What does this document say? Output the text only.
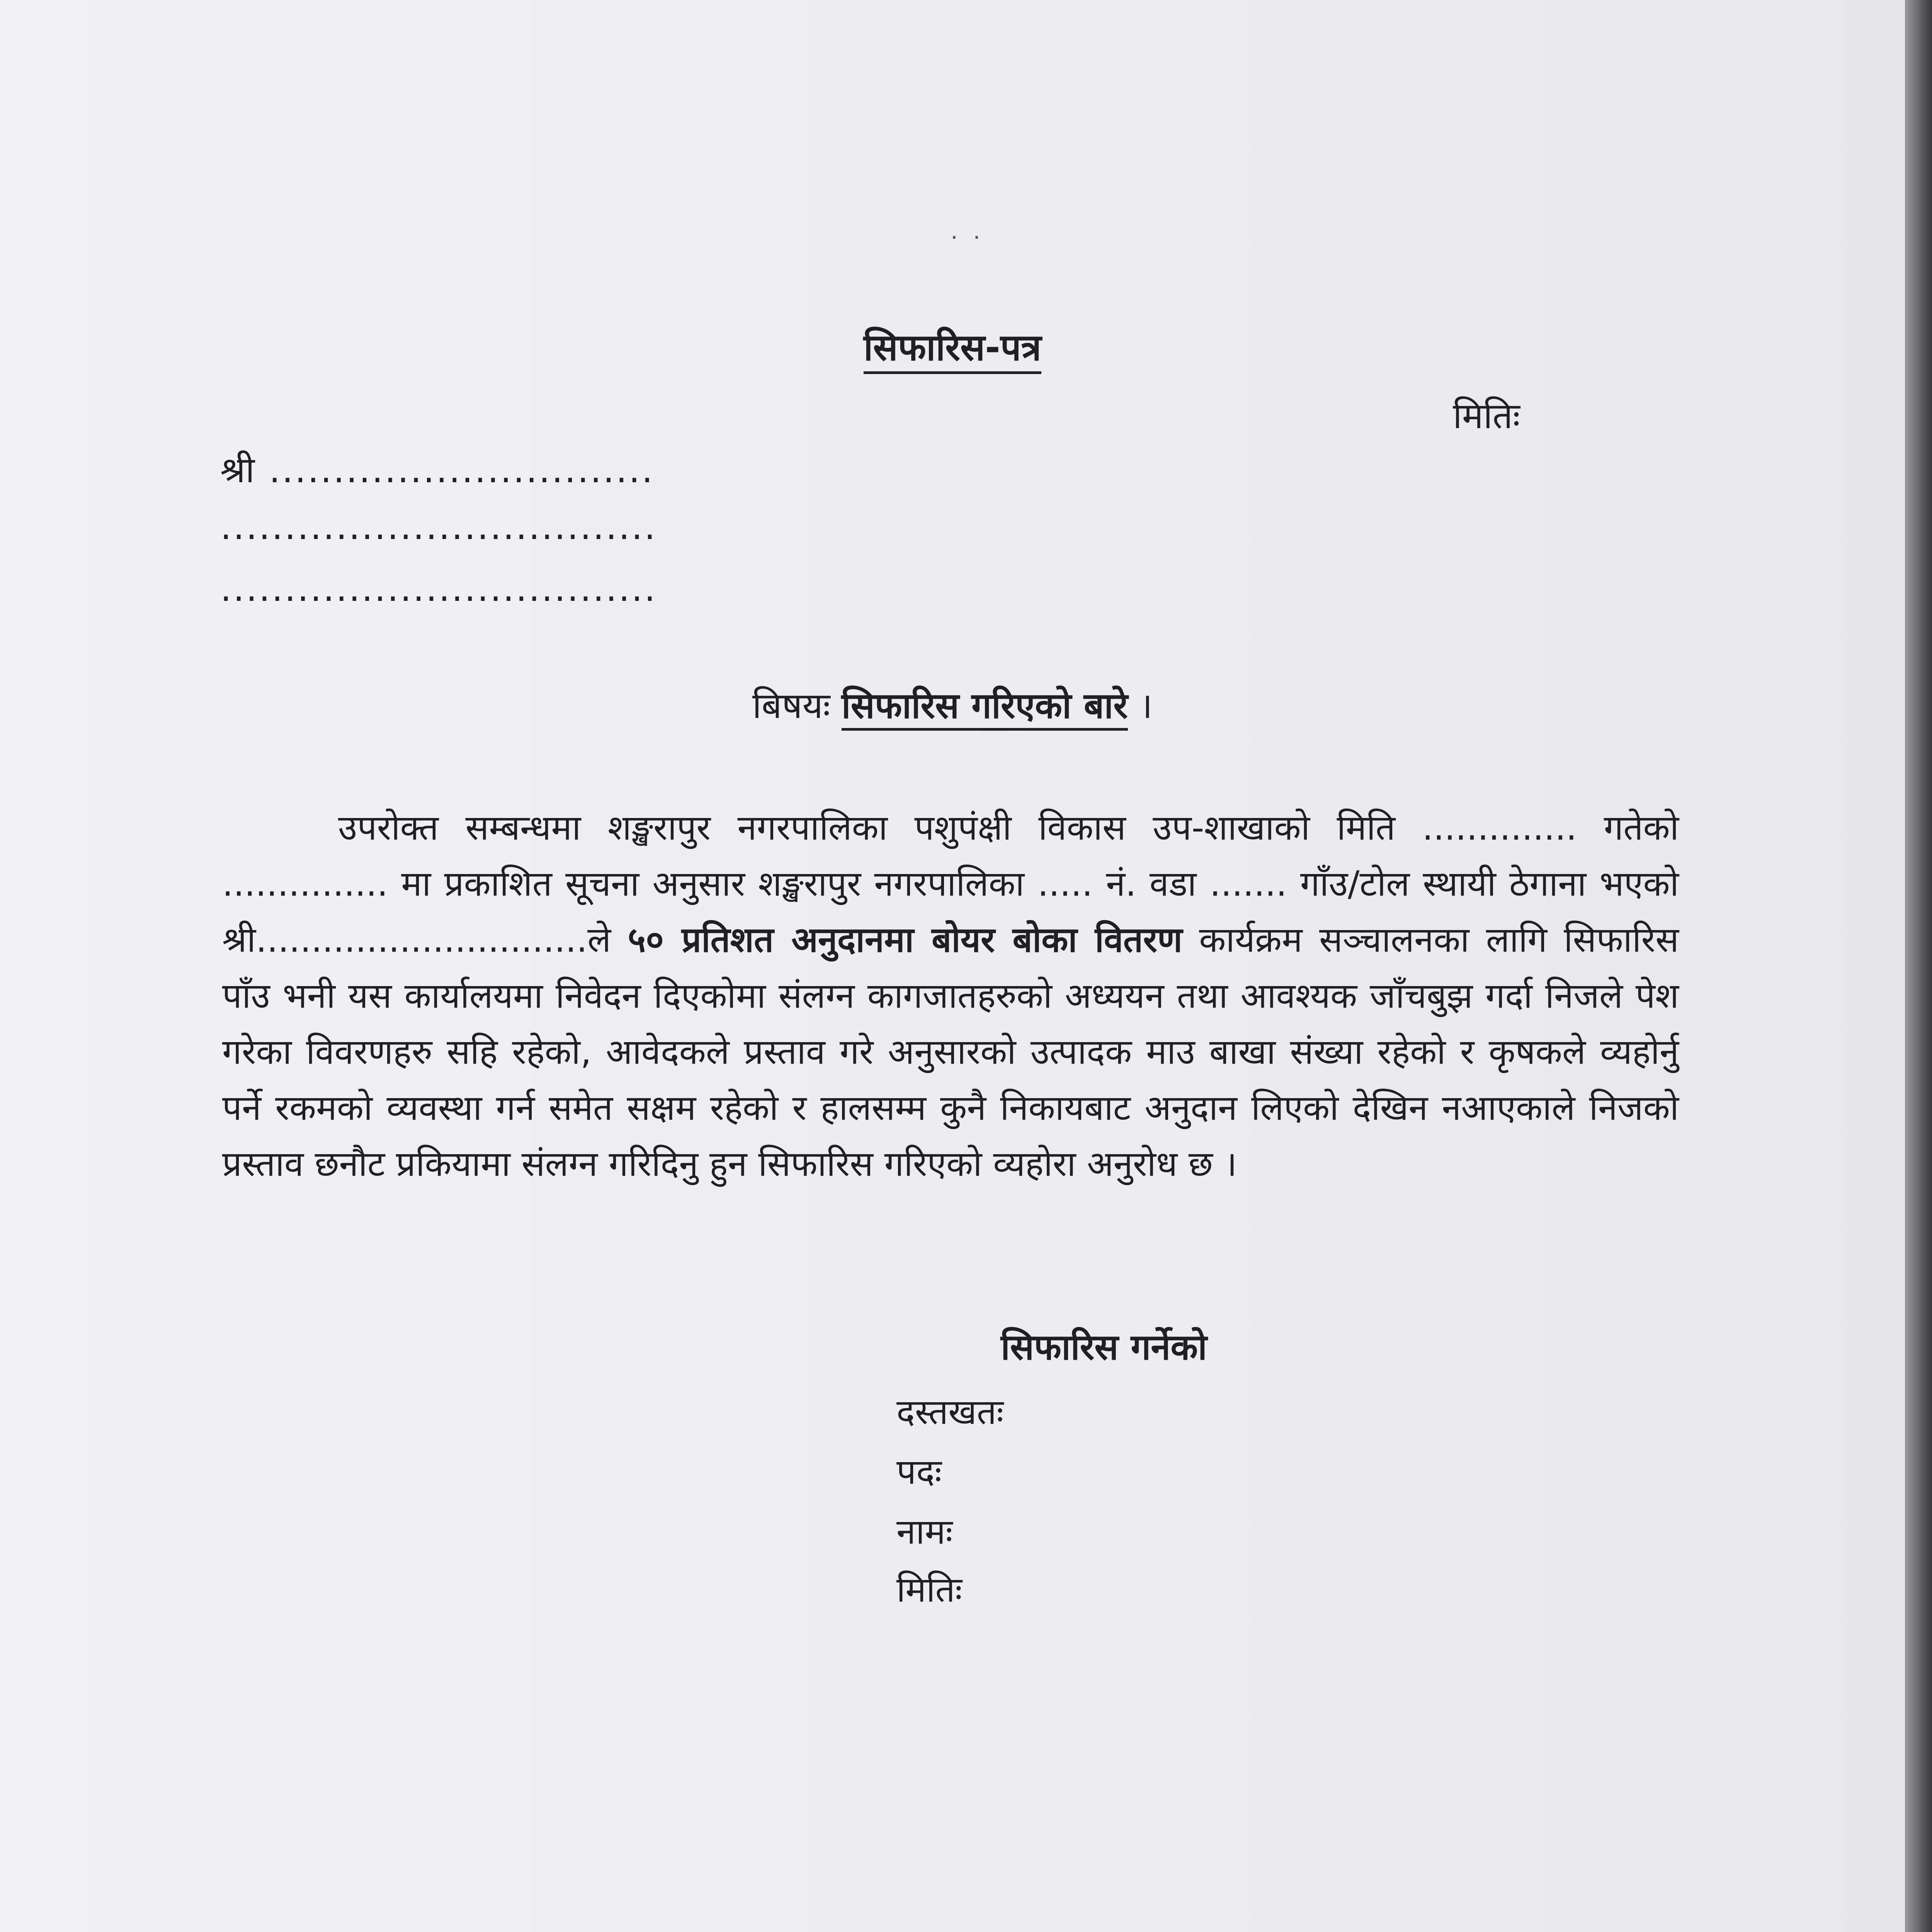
· ·
सिफारिस-पत्र
मितिः
श्री ..............................
..................................
..................................
बिषयः सिफारिस गरिएको बारे ।
उपरोक्त सम्बन्धमा शङ्खरापुर नगरपालिका पशुपंक्षी विकास उप-शाखाको मिति .............. गतेको ............... मा प्रकाशित सूचना अनुसार शङ्खरापुर नगरपालिका ..... नं. वडा ....... गाँउ/टोल स्थायी ठेगाना भएको श्री..............................ले ५० प्रतिशत अनुदानमा बोयर बोका वितरण कार्यक्रम सञ्चालनका लागि सिफारिस पाँउ भनी यस कार्यालयमा निवेदन दिएकोमा संलग्न कागजातहरुको अध्ययन तथा आवश्यक जाँचबुझ गर्दा निजले पेश गरेका विवरणहरु सहि रहेको, आवेदकले प्रस्ताव गरे अनुसारको उत्पादक माउ बाखा संख्या रहेको र कृषकले व्यहोर्नु पर्ने रकमको व्यवस्था गर्न समेत सक्षम रहेको र हालसम्म कुनै निकायबाट अनुदान लिएको देखिन नआएकाले निजको प्रस्ताव छनौट प्रकियामा संलग्न गरिदिनु हुन सिफारिस गरिएको व्यहोरा अनुरोध छ ।
सिफारिस गर्नेको
दस्तखतः
पदः
नामः
मितिः
